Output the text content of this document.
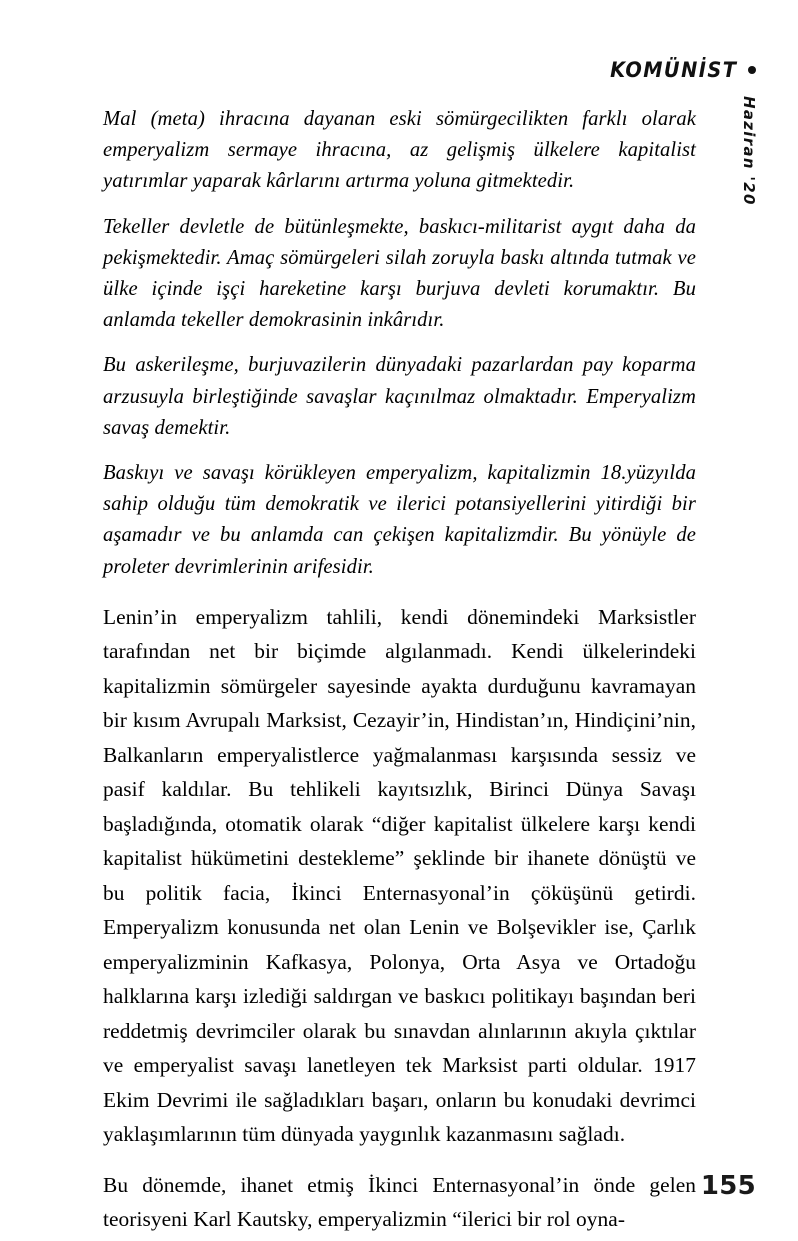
KOMÜNİST
Haziran '20

Mal (meta) ihracına dayanan eski sömürgecilikten farklı olarak emperyalizm sermaye ihracına, az gelişmiş ülkelere kapitalist yatırımlar yaparak kârlarını artırma yoluna gitmektedir.

Tekeller devletle de bütünleşmekte, baskıcı-militarist aygıt daha da pekişmektedir. Amaç sömürgeleri silah zoruyla baskı altında tutmak ve ülke içinde işçi hareketine karşı burjuva devleti korumaktır. Bu anlamda tekeller demokrasinin inkârıdır.

Bu askerileşme, burjuvazilerin dünyadaki pazarlardan pay koparma arzusuyla birleştiğinde savaşlar kaçınılmaz olmaktadır. Emperyalizm savaş demektir.

Baskıyı ve savaşı körükleyen emperyalizm, kapitalizmin 18.yüzyılda sahip olduğu tüm demokratik ve ilerici potansiyellerini yitirdiği bir aşamadır ve bu anlamda can çekişen kapitalizmdir. Bu yönüyle de proleter devrimlerinin arifesidir.

Lenin’in emperyalizm tahlili, kendi dönemindeki Marksistler tarafından net bir biçimde algılanmadı. Kendi ülkelerindeki kapitalizmin sömürgeler sayesinde ayakta durduğunu kavramayan bir kısım Avrupalı Marksist, Cezayir’in, Hindistan’ın, Hindiçini’nin, Balkanların emperyalistlerce yağmalanması karşısında sessiz ve pasif kaldılar. Bu tehlikeli kayıtsızlık, Birinci Dünya Savaşı başladığında, otomatik olarak “diğer kapitalist ülkelere karşı kendi kapitalist hükümetini destekleme” şeklinde bir ihanete dönüştü ve bu politik facia, İkinci Enternasyonal’in çöküşünü getirdi. Emperyalizm konusunda net olan Lenin ve Bolşevikler ise, Çarlık emperyalizminin Kafkasya, Polonya, Orta Asya ve Ortadoğu halklarına karşı izlediği saldırgan ve baskıcı politikayı başından beri reddetmiş devrimciler olarak bu sınavdan alınlarının akıyla çıktılar ve emperyalist savaşı lanetleyen tek Marksist parti oldular. 1917 Ekim Devrimi ile sağladıkları başarı, onların bu konudaki devrimci yaklaşımlarının tüm dünyada yaygınlık kazanmasını sağladı.

Bu dönemde, ihanet etmiş İkinci Enternasyonal’in önde gelen teorisyeni Karl Kautsky, emperyalizmin “ilerici bir rol oyna-

155
